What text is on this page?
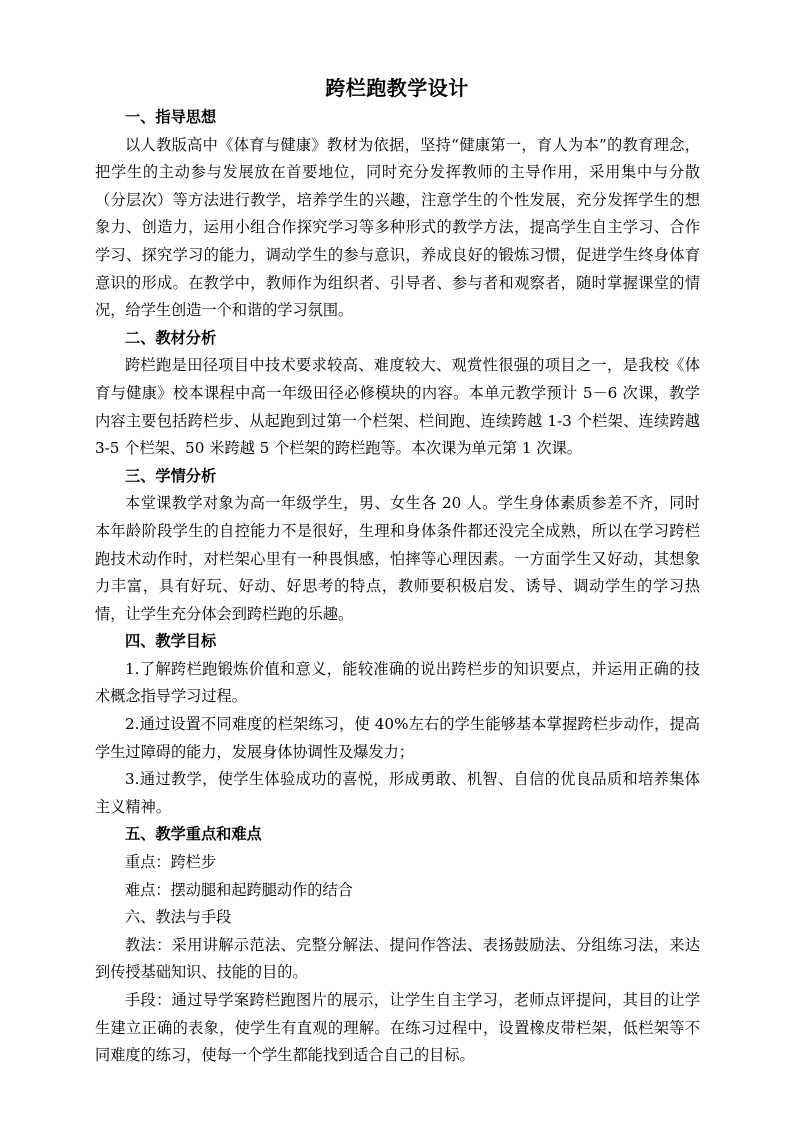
跨栏跑教学设计

一、指导思想

以人教版高中《体育与健康》教材为依据，坚持“健康第一，育人为本”的教育理念，把学生的主动参与发展放在首要地位，同时充分发挥教师的主导作用，采用集中与分散（分层次）等方法进行教学，培养学生的兴趣，注意学生的个性发展，充分发挥学生的想象力、创造力，运用小组合作探究学习等多种形式的教学方法，提高学生自主学习、合作学习、探究学习的能力，调动学生的参与意识，养成良好的锻炼习惯，促进学生终身体育意识的形成。在教学中，教师作为组织者、引导者、参与者和观察者，随时掌握课堂的情况，给学生创造一个和谐的学习氛围。

二、教材分析

跨栏跑是田径项目中技术要求较高、难度较大、观赏性很强的项目之一，是我校《体育与健康》校本课程中高一年级田径必修模块的内容。本单元教学预计 5－6 次课，教学内容主要包括跨栏步、从起跑到过第一个栏架、栏间跑、连续跨越 1-3 个栏架、连续跨越 3-5 个栏架、50 米跨越 5 个栏架的跨栏跑等。本次课为单元第 1 次课。

三、学情分析

本堂课教学对象为高一年级学生，男、女生各 20 人。学生身体素质参差不齐，同时本年龄阶段学生的自控能力不是很好，生理和身体条件都还没完全成熟，所以在学习跨栏跑技术动作时，对栏架心里有一种畏惧感，怕摔等心理因素。一方面学生又好动，其想象力丰富，具有好玩、好动、好思考的特点，教师要积极启发、诱导、调动学生的学习热情，让学生充分体会到跨栏跑的乐趣。

四、教学目标

1.了解跨栏跑锻炼价值和意义，能较准确的说出跨栏步的知识要点，并运用正确的技术概念指导学习过程。

2.通过设置不同难度的栏架练习，使 40%左右的学生能够基本掌握跨栏步动作，提高学生过障碍的能力，发展身体协调性及爆发力；

3.通过教学，使学生体验成功的喜悦，形成勇敢、机智、自信的优良品质和培养集体主义精神。

五、教学重点和难点

重点：跨栏步

难点：摆动腿和起跨腿动作的结合

六、教法与手段

教法：采用讲解示范法、完整分解法、提问作答法、表扬鼓励法、分组练习法，来达到传授基础知识、技能的目的。

手段：通过导学案跨栏跑图片的展示，让学生自主学习，老师点评提问，其目的让学生建立正确的表象，使学生有直观的理解。在练习过程中，设置橡皮带栏架，低栏架等不同难度的练习，使每一个学生都能找到适合自己的目标。
